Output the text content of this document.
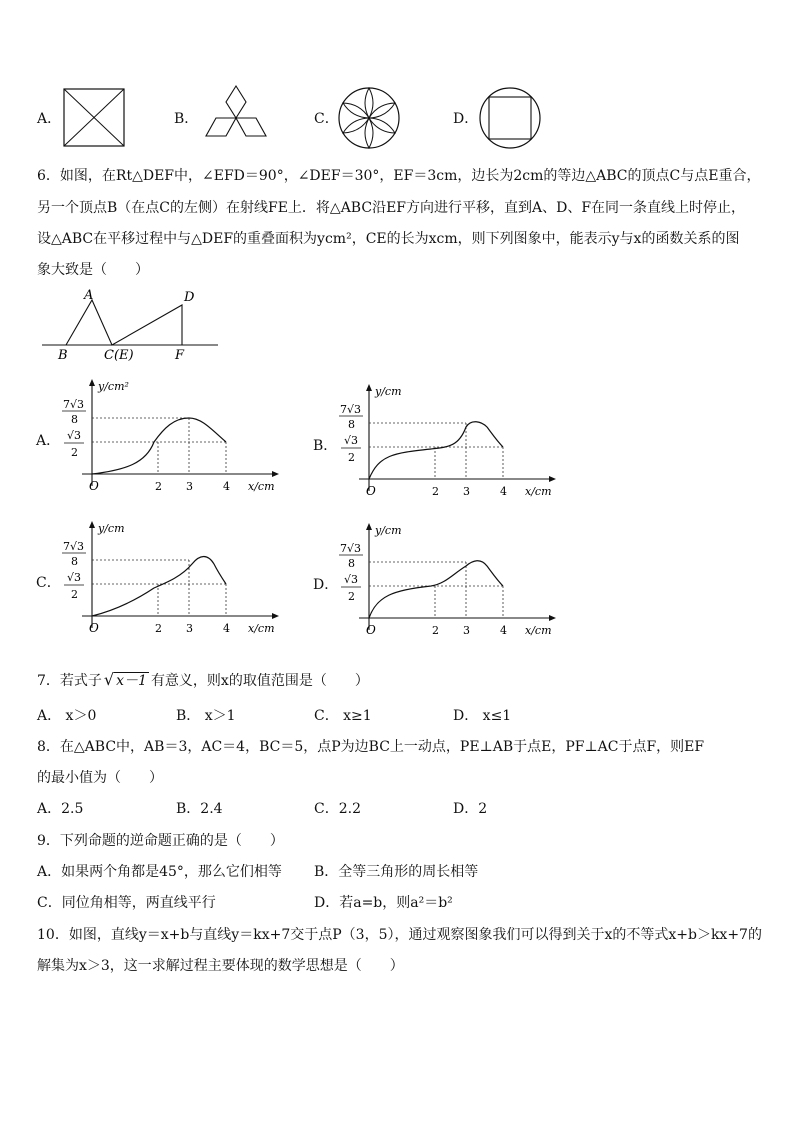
A．	B．	C．	D．
6．如图，在Rt△DEF中，∠EFD＝90°，∠DEF＝30°，EF＝3cm，边长为2cm的等边△ABC的顶点C与点E重合，
另一个顶点B（在点C的左侧）在射线FE上．将△ABC沿EF方向进行平移，直到A、D、F在同一条直线上时停止，
设△ABC在平移过程中与△DEF的重叠面积为ycm²，CE的长为xcm，则下列图象中，能表示y与x的函数关系的图
象大致是（　　）
A
B	C(E)
D
F
A．
y/cm²
x/cm
O	2 3	4
7√3
8
√3
2	B．
y/cm
x/cm
O	2 3	4
7√3
8
√3
2
C．
y/cm
x/cm
O	2 3	4
7√3
8
√3
2
D．
y/cm
x/cm
O	2 3	4
7√3
8
√3
2
7．若式子 √ x－1 有意义，则x的取值范围是（　　）
A． x＞0	B． x＞1	C． x≥1	D． x≤1
8．在△ABC中，AB＝3，AC＝4，BC＝5，点P为边BC上一动点，PE⊥AB于点E，PF⊥AC于点F，则EF
的最小值为（　　）
A．2.5	B．2.4	C．2.2	D．2
9．下列命题的逆命题正确的是（　　）
A．如果两个角都是45°，那么它们相等 B．全等三角形的周长相等
C．同位角相等，两直线平行	D．若a=b，则a²＝b²
10．如图，直线y＝x+b与直线y＝kx+7交于点P（3，5），通过观察图象我们可以得到关于x的不等式x+b＞kx+7的
解集为x＞3，这一求解过程主要体现的数学思想是（　　）
